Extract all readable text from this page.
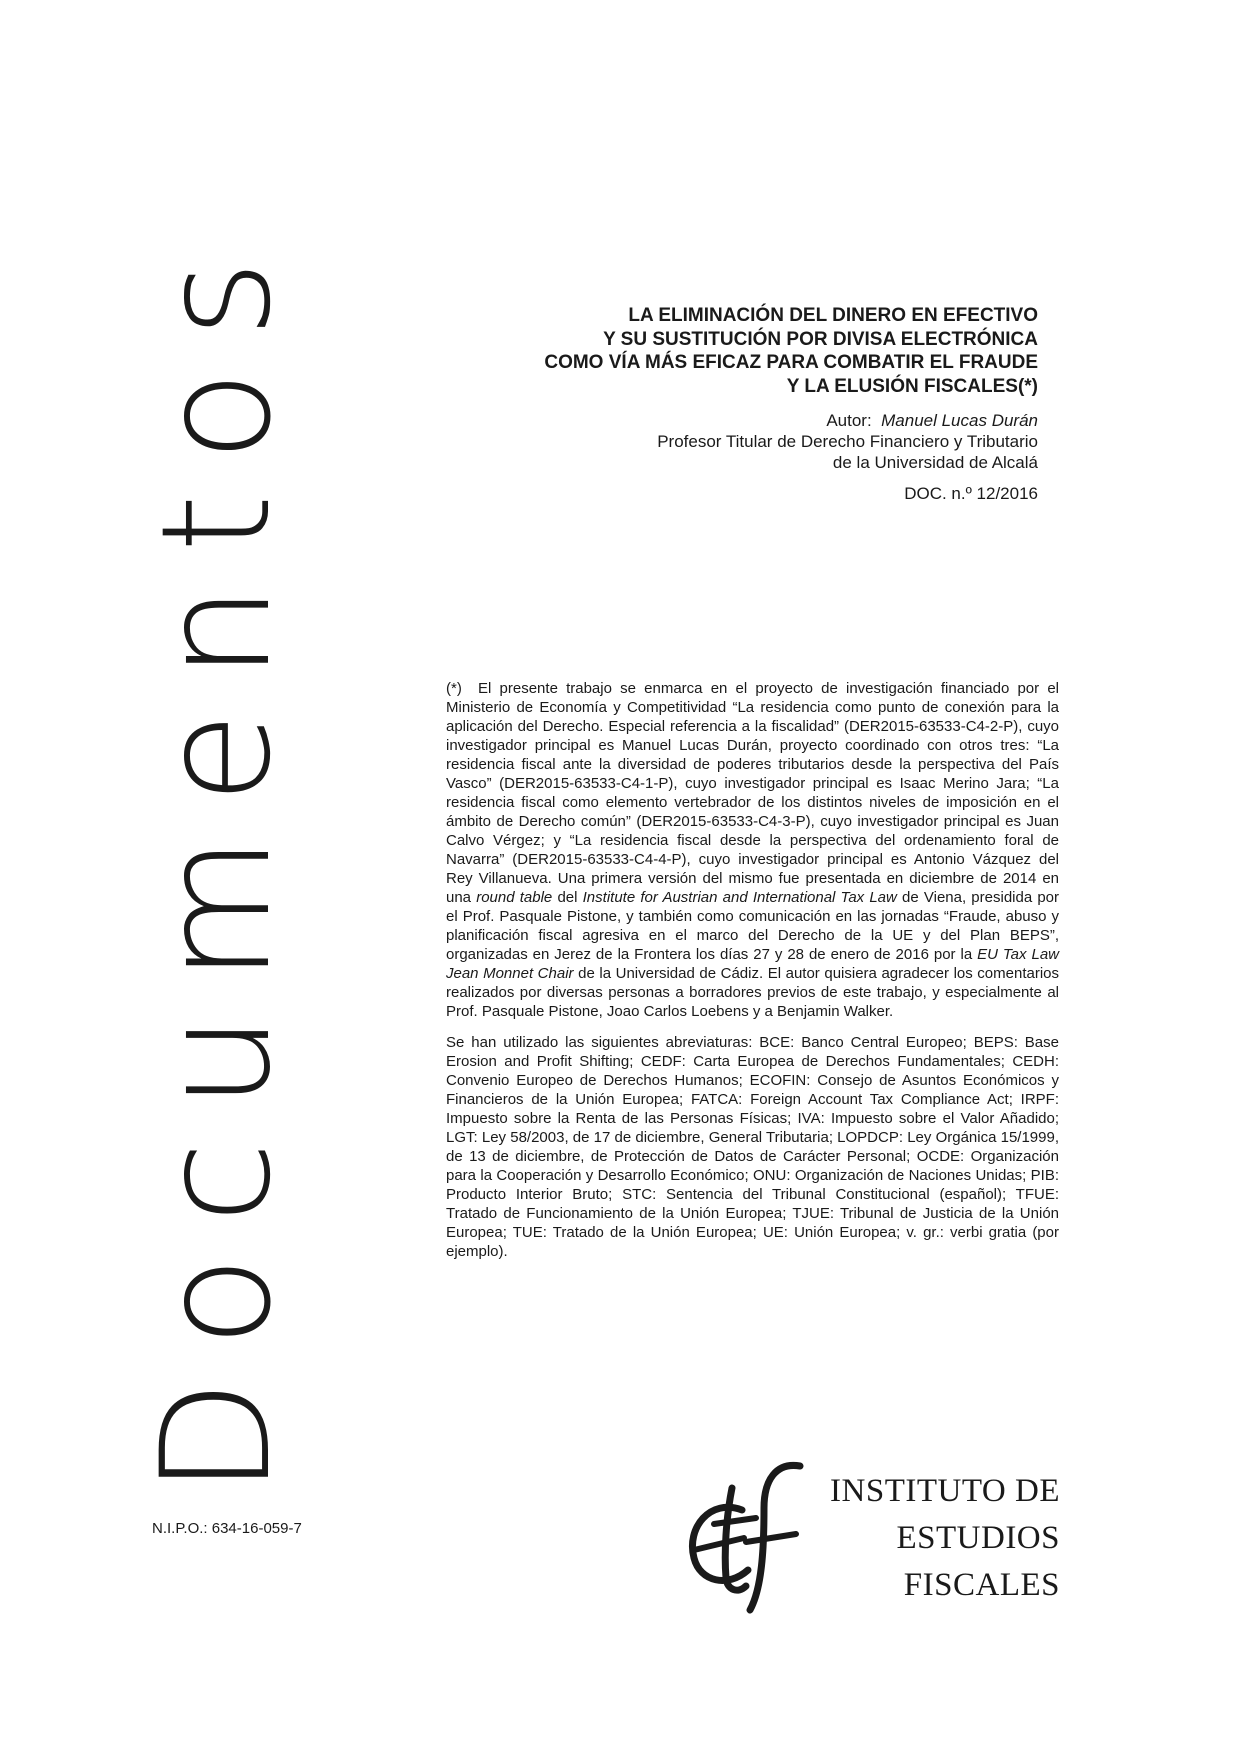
Documentos
N.I.P.O.: 634-16-059-7
LA ELIMINACIÓN DEL DINERO EN EFECTIVO
Y SU SUSTITUCIÓN POR DIVISA ELECTRÓNICA
COMO VÍA MÁS EFICAZ PARA COMBATIR EL FRAUDE
Y LA ELUSIÓN FISCALES(*)
Autor: Manuel Lucas Durán
Profesor Titular de Derecho Financiero y Tributario
de la Universidad de Alcalá
DOC. n.º 12/2016

(*) El presente trabajo se enmarca en el proyecto de investigación financiado por el Ministerio de Economía y Competitividad “La residencia como punto de conexión para la aplicación del Derecho. Especial referencia a la fiscalidad” (DER2015-63533-C4-2-P), cuyo investigador principal es Manuel Lucas Durán, proyecto coordinado con otros tres: “La residencia fiscal ante la diversidad de poderes tributarios desde la perspectiva del País Vasco” (DER2015-63533-C4-1-P), cuyo investigador principal es Isaac Merino Jara; “La residencia fiscal como elemento vertebrador de los distintos niveles de imposición en el ámbito de Derecho común” (DER2015-63533-C4-3-P), cuyo investigador principal es Juan Calvo Vérgez; y “La residencia fiscal desde la perspectiva del ordenamiento foral de Navarra” (DER2015-63533-C4-4-P), cuyo investigador principal es Antonio Vázquez del Rey Villanueva. Una primera versión del mismo fue presentada en diciembre de 2014 en una round table del Institute for Austrian and International Tax Law de Viena, presidida por el Prof. Pasquale Pistone, y también como comunicación en las jornadas “Fraude, abuso y planificación fiscal agresiva en el marco del Derecho de la UE y del Plan BEPS”, organizadas en Jerez de la Frontera los días 27 y 28 de enero de 2016 por la EU Tax Law Jean Monnet Chair de la Universidad de Cádiz. El autor quisiera agradecer los comentarios realizados por diversas personas a borradores previos de este trabajo, y especialmente al Prof. Pasquale Pistone, Joao Carlos Loebens y a Benjamin Walker.

Se han utilizado las siguientes abreviaturas: BCE: Banco Central Europeo; BEPS: Base Erosion and Profit Shifting; CEDF: Carta Europea de Derechos Fundamentales; CEDH: Convenio Europeo de Derechos Humanos; ECOFIN: Consejo de Asuntos Económicos y Financieros de la Unión Europea; FATCA: Foreign Account Tax Compliance Act; IRPF: Impuesto sobre la Renta de las Personas Físicas; IVA: Impuesto sobre el Valor Añadido; LGT: Ley 58/2003, de 17 de diciembre, General Tributaria; LOPDCP: Ley Orgánica 15/1999, de 13 de diciembre, de Protección de Datos de Carácter Personal; OCDE: Organización para la Cooperación y Desarrollo Económico; ONU: Organización de Naciones Unidas; PIB: Producto Interior Bruto; STC: Sentencia del Tribunal Constitucional (español); TFUE: Tratado de Funcionamiento de la Unión Europea; TJUE: Tribunal de Justicia de la Unión Europea; TUE: Tratado de la Unión Europea; UE: Unión Europea; v. gr.: verbi gratia (por ejemplo).

INSTITUTO DE
ESTUDIOS
FISCALES
